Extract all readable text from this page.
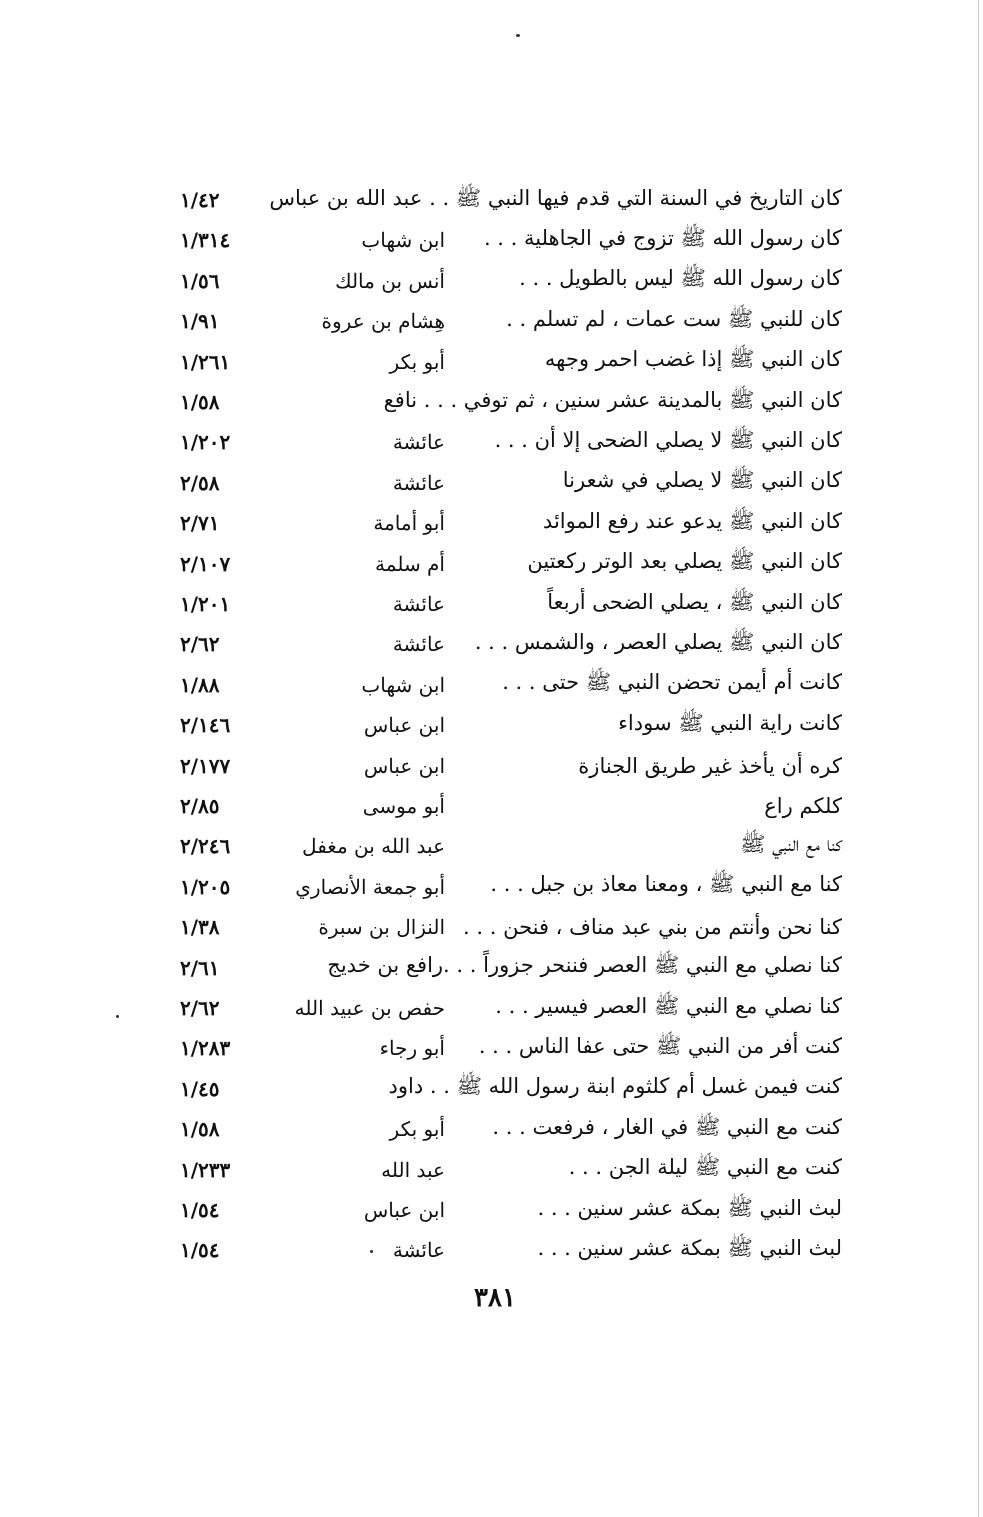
كان التاريخ في السنة التي قدم فيها النبي ﷺ . . عبد الله بن عباس
١/٤٢
كان رسول الله ﷺ تزوج في الجاهلية . . .
ابن شهاب
١/٣١٤
كان رسول الله ﷺ ليس بالطويل . . .
أنس بن مالك
١/٥٦
كان للنبي ﷺ ست عمات ، لم تسلم . .
هِشام بن عروة
١/٩١
كان النبي ﷺ إذا غضب احمر وجهه
أبو بكر
١/٢٦١
كان النبي ﷺ بالمدينة عشر سنين ، ثم توفي . . . نافع
١/٥٨
كان النبي ﷺ لا يصلي الضحى إلا أن . . .
عائشة
١/٢٠٢
كان النبي ﷺ لا يصلي في شعرنا
عائشة
٢/٥٨
كان النبي ﷺ يدعو عند رفع الموائد
أبو أمامة
٢/٧١
كان النبي ﷺ يصلي بعد الوتر ركعتين
أم سلمة
٢/١٠٧
كان النبي ﷺ ، يصلي الضحى أربعاً
عائشة
١/٢٠١
كان النبي ﷺ يصلي العصر ، والشمس . . .
عائشة
٢/٦٢
كانت أم أيمن تحضن النبي ﷺ حتى . . .
ابن شهاب
١/٨٨
كانت راية النبي ﷺ سوداء
ابن عباس
٢/١٤٦
كره أن يأخذ غير طريق الجنازة
ابن عباس
٢/١٧٧
كلكم راع
أبو موسى
٢/٨٥
كنا مع النبي ﷺ
عبد الله بن مغفل
٢/٢٤٦
كنا مع النبي ﷺ ، ومعنا معاذ بن جبل . . .
أبو جمعة الأنصاري
١/٢٠٥
كنا نحن وأنتم من بني عبد مناف ، فنحن . . .
النزال بن سبرة
١/٣٨
كنا نصلي مع النبي ﷺ العصر فننحر جزوراً . . .رافع بن خديج
٢/٦١
كنا نصلي مع النبي ﷺ العصر فيسير . . .
حفص بن عبيد الله
٢/٦٢
كنت أفر من النبي ﷺ حتى عفا الناس . . .
أبو رجاء
١/٢٨٣
كنت فيمن غسل أم كلثوم ابنة رسول الله ﷺ . . داود
١/٤٥
كنت مع النبي ﷺ في الغار ، فرفعت . . .
أبو بكر
١/٥٨
كنت مع النبي ﷺ ليلة الجن . . .
عبد الله
١/٢٣٣
لبث النبي ﷺ بمكة عشر سنين . . .
ابن عباس
١/٥٤
لبث النبي ﷺ بمكة عشر سنين . . .
عائشة
١/٥٤
٣٨١
